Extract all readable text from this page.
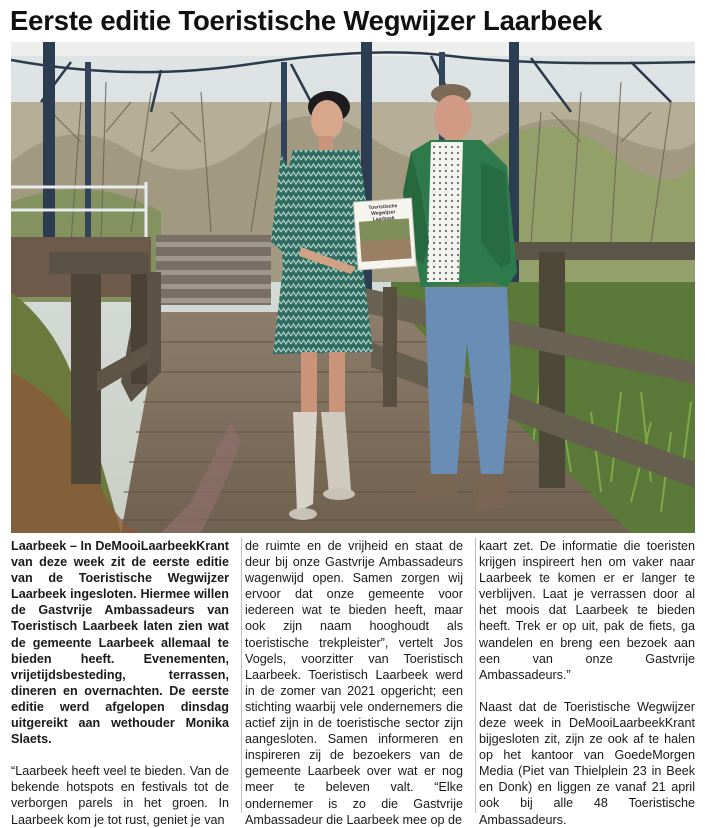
Eerste editie Toeristische Wegwijzer Laarbeek
Toeristische
Wegwijzer
Laarbeek

Laarbeek – In DeMooiLaarbeekKrant van deze week zit de eerste editie van de Toeristische Wegwijzer Laarbeek ingesloten. Hiermee willen de Gastvrije Ambassadeurs van Toeristisch Laarbeek laten zien wat de gemeente Laarbeek allemaal te bieden heeft. Evenementen, vrijetijdsbesteding, terrassen, dineren en overnachten. De eerste editie werd afgelopen dinsdag uitgereikt aan wethouder Monika Slaets.

“Laarbeek heeft veel te bieden. Van de bekende hotspots en festivals tot de verborgen parels in het groen. In Laarbeek kom je tot rust, geniet je van

de ruimte en de vrijheid en staat de deur bij onze Gastvrije Ambassadeurs wagenwijd open. Samen zorgen wij ervoor dat onze gemeente voor iedereen wat te bieden heeft, maar ook zijn naam hooghoudt als toeristische trekpleister”, vertelt Jos Vogels, voorzitter van Toeristisch Laarbeek. Toeristisch Laarbeek werd in de zomer van 2021 opgericht; een stichting waarbij vele ondernemers die actief zijn in de toeristische sector zijn aangesloten. Samen informeren en inspireren zij de bezoekers van de gemeente Laarbeek over wat er nog meer te beleven valt. “Elke ondernemer is zo die Gastvrije Ambassadeur die Laarbeek mee op de

kaart zet. De informatie die toeristen krijgen inspireert hen om vaker naar Laarbeek te komen er er langer te verblijven. Laat je verrassen door al het moois dat Laarbeek te bieden heeft. Trek er op uit, pak de fiets, ga wandelen en breng een bezoek aan een van onze Gastvrije Ambassadeurs.”

Naast dat de Toeristische Wegwijzer deze week in DeMooiLaarbeekKrant bijgesloten zit, zijn ze ook af te halen op het kantoor van GoedeMorgen Media (Piet van Thielplein 23 in Beek en Donk) en liggen ze vanaf 21 april ook bij alle 48 Toeristische Ambassadeurs.
